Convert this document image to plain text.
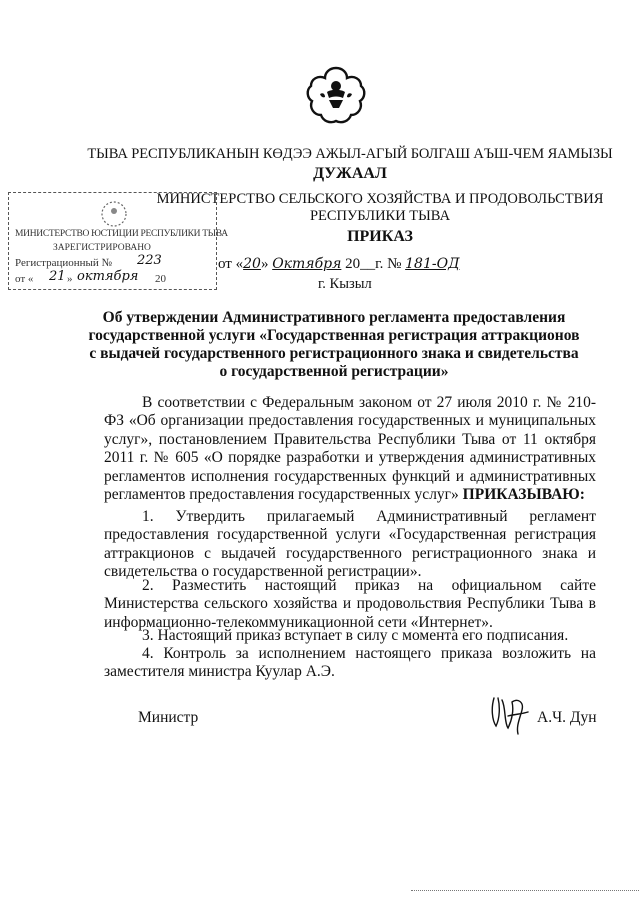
ТЫВА РЕСПУБЛИКАНЫН КӨДЭЭ АЖЫЛ-АГЫЙ БОЛГАШ АЪШ-ЧЕМ ЯАМЫЗЫ
ДУЖААЛ
МИНИСТЕРСТВО СЕЛЬСКОГО ХОЗЯЙСТВА И ПРОДОВОЛЬСТВИЯ
РЕСПУБЛИКИ ТЫВА
ПРИКАЗ
МИНИСТЕРСТВО ЮСТИЦИИ РЕСПУБЛИКИ ТЫВА
ЗАРЕГИСТРИРОВАНО
Регистрационный № 223
от « 21 » октября 20
от «20» Октября 20__г. № 181-ОД
г. Кызыл
Об утверждении Административного регламента предоставления государственной услуги «Государственная регистрация аттракционов с выдачей государственного регистрационного знака и свидетельства о государственной регистрации»
В соответствии с Федеральным законом от 27 июля 2010 г. № 210-ФЗ «Об организации предоставления государственных и муниципальных услуг», постановлением Правительства Республики Тыва от 11 октября 2011 г. № 605 «О порядке разработки и утверждения административных регламентов исполнения государственных функций и административных регламентов предоставления государственных услуг» ПРИКАЗЫВАЮ:
1. Утвердить прилагаемый Административный регламент предоставления государственной услуги «Государственная регистрация аттракционов с выдачей государственного регистрационного знака и свидетельства о государственной регистрации».
2. Разместить настоящий приказ на официальном сайте Министерства сельского хозяйства и продовольствия Республики Тыва в информационно-телекоммуникационной сети «Интернет».
3. Настоящий приказ вступает в силу с момента его подписания.
4. Контроль за исполнением настоящего приказа возложить на заместителя министра Куулар А.Э.
Министр	А.Ч. Дун
